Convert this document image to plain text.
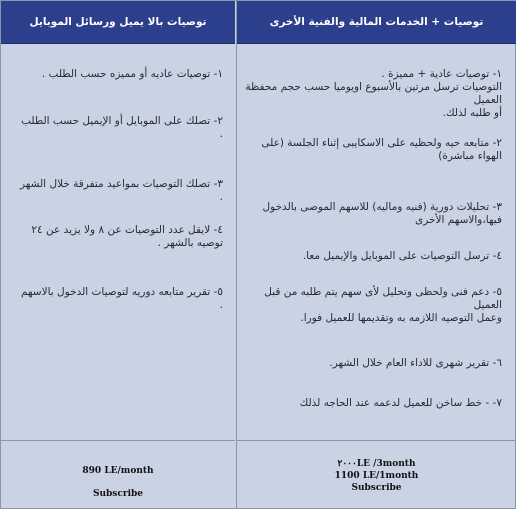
توصيات بالا يميل ورسائل الموبايل
١- توصيات عاديه أو مميزه حسب الطلب .
٢- تصلك على الموبايل أو الإيميل حسب الطلب .
٣- تصلك التوصيات بمواعيد متفرقة خلال الشهر .
٤- لايقل عدد التوصيات عن ٨ ولا يزيد عن ٢٤ توصيه بالشهر .
٥- تقرير متابعه دوريه لتوصيات الدخول بالاسهم .
890 LE/month
Subscribe
توصيات + الخدمات المالية والفنية الأخرى
١- توصيات عادية + مميزة .
التوصيات ترسل مرتين بالأسبوع اويوميا حسب حجم محفظة العميل
أو طلبه لذلك.
٢- متابعه حيه ولحظيه على الاسكايبى إثناء الجلسة (على الهواء مباشرة)
٣- تحليلات دورية (فنيه وماليه) للاسهم الموصى بالدخول فيها،والاسهم الأخرى
٤- ترسل التوصيات على الموبايل والإيميل معا.
٥- دعم فنى ولحظى وتحليل لأى سهم يتم طلبه من قبل العميل
وعمل التوصيه اللازمه به وتقديمها للعميل فورا.
٦- تقرير شهرى للاداء العام خلال الشهر.
٧- - خط ساخن للعميل لدعمه عند الحاجه لذلك
٢٠٠٠LE /3month
1100 LE/1month
Subscribe
